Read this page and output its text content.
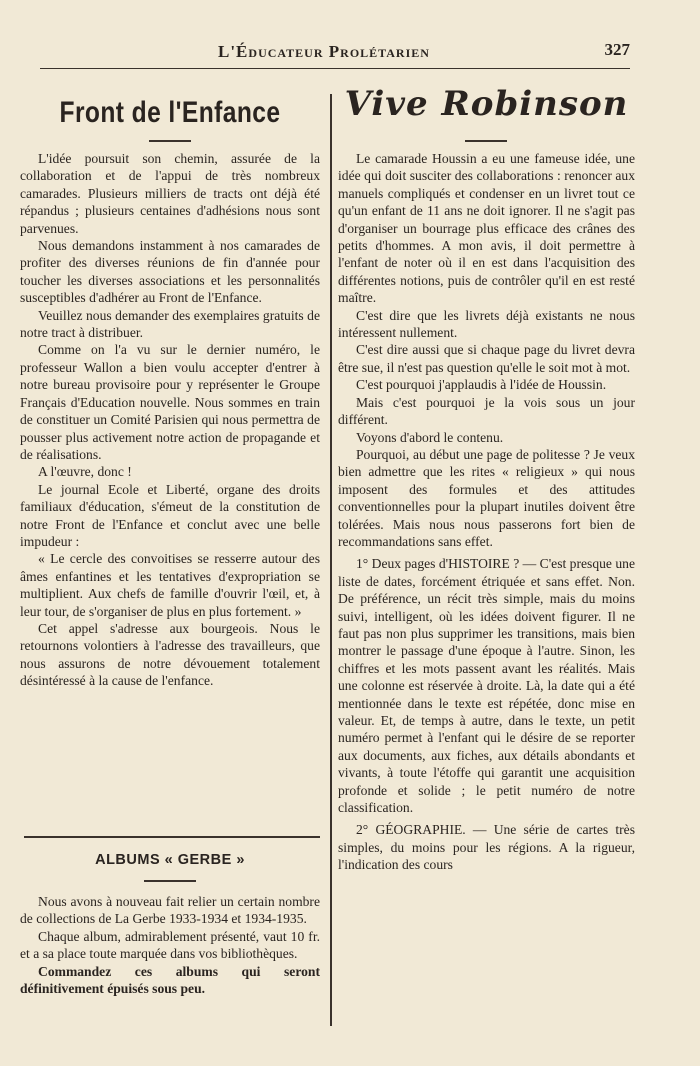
L'Éducateur Prolétarien	327
Front de l'Enfance	Vive Robinson

L'idée poursuit son chemin, assurée de la collaboration et de l'appui de très nombreux camarades. Plusieurs milliers de tracts ont déjà été répandus ; plusieurs centaines d'adhésions nous sont parvenues.

Nous demandons instamment à nos camarades de profiter des diverses réunions de fin d'année pour toucher les diverses associations et les personnalités susceptibles d'adhérer au Front de l'Enfance.

Veuillez nous demander des exemplaires gratuits de notre tract à distribuer.

Comme on l'a vu sur le dernier numéro, le professeur Wallon a bien voulu accepter d'entrer à notre bureau provisoire pour y représenter le Groupe Français d'Education nouvelle. Nous sommes en train de constituer un Comité Parisien qui nous permettra de pousser plus activement notre action de propagande et de réalisations.

A l'œuvre, donc !

Le journal Ecole et Liberté, organe des droits familiaux d'éducation, s'émeut de la constitution de notre Front de l'Enfance et conclut avec une belle impudeur :

« Le cercle des convoitises se resserre autour des âmes enfantines et les tentatives d'expropriation se multiplient. Aux chefs de famille d'ouvrir l'œil, et, à leur tour, de s'organiser de plus en plus fortement. »

Cet appel s'adresse aux bourgeois. Nous le retournons volontiers à l'adresse des travailleurs, que nous assurons de notre dévouement totalement désintéressé à la cause de l'enfance.

ALBUMS « GERBE »

Nous avons à nouveau fait relier un certain nombre de collections de La Gerbe 1933-1934 et 1934-1935.

Chaque album, admirablement présenté, vaut 10 fr. et a sa place toute marquée dans vos bibliothèques.

Commandez ces albums qui seront définitivement épuisés sous peu.

Le camarade Houssin a eu une fameuse idée, une idée qui doit susciter des collaborations : renoncer aux manuels compliqués et condenser en un livret tout ce qu'un enfant de 11 ans ne doit ignorer. Il ne s'agit pas d'organiser un bourrage plus efficace des crânes des petits d'hommes. A mon avis, il doit permettre à l'enfant de noter où il en est dans l'acquisition des différentes notions, puis de contrôler qu'il en est resté maître.

C'est dire que les livrets déjà existants ne nous intéressent nullement.

C'est dire aussi que si chaque page du livret devra être sue, il n'est pas question qu'elle le soit mot à mot.

C'est pourquoi j'applaudis à l'idée de Houssin.

Mais c'est pourquoi je la vois sous un jour différent.

Voyons d'abord le contenu.

Pourquoi, au début une page de politesse ? Je veux bien admettre que les rites « religieux » qui nous imposent des formules et des attitudes conventionnelles pour la plupart inutiles doivent être tolérées. Mais nous nous passerons fort bien de recommandations sans effet.

1° Deux pages d'HISTOIRE ? — C'est presque une liste de dates, forcément étriquée et sans effet. Non. De préférence, un récit très simple, mais du moins suivi, intelligent, où les idées doivent figurer. Il ne faut pas non plus supprimer les transitions, mais bien montrer le passage d'une époque à l'autre. Sinon, les chiffres et les mots passent avant les réalités. Mais une colonne est réservée à droite. Là, la date qui a été mentionnée dans le texte est répétée, donc mise en valeur. Et, de temps à autre, dans le texte, un petit numéro permet à l'enfant qui le désire de se reporter aux documents, aux fiches, aux détails abondants et vivants, à toute l'étoffe qui garantit une acquisition profonde et solide ; le petit numéro de notre classification.

2° GÉOGRAPHIE. — Une série de cartes très simples, du moins pour les régions. A la rigueur, l'indication des cours
